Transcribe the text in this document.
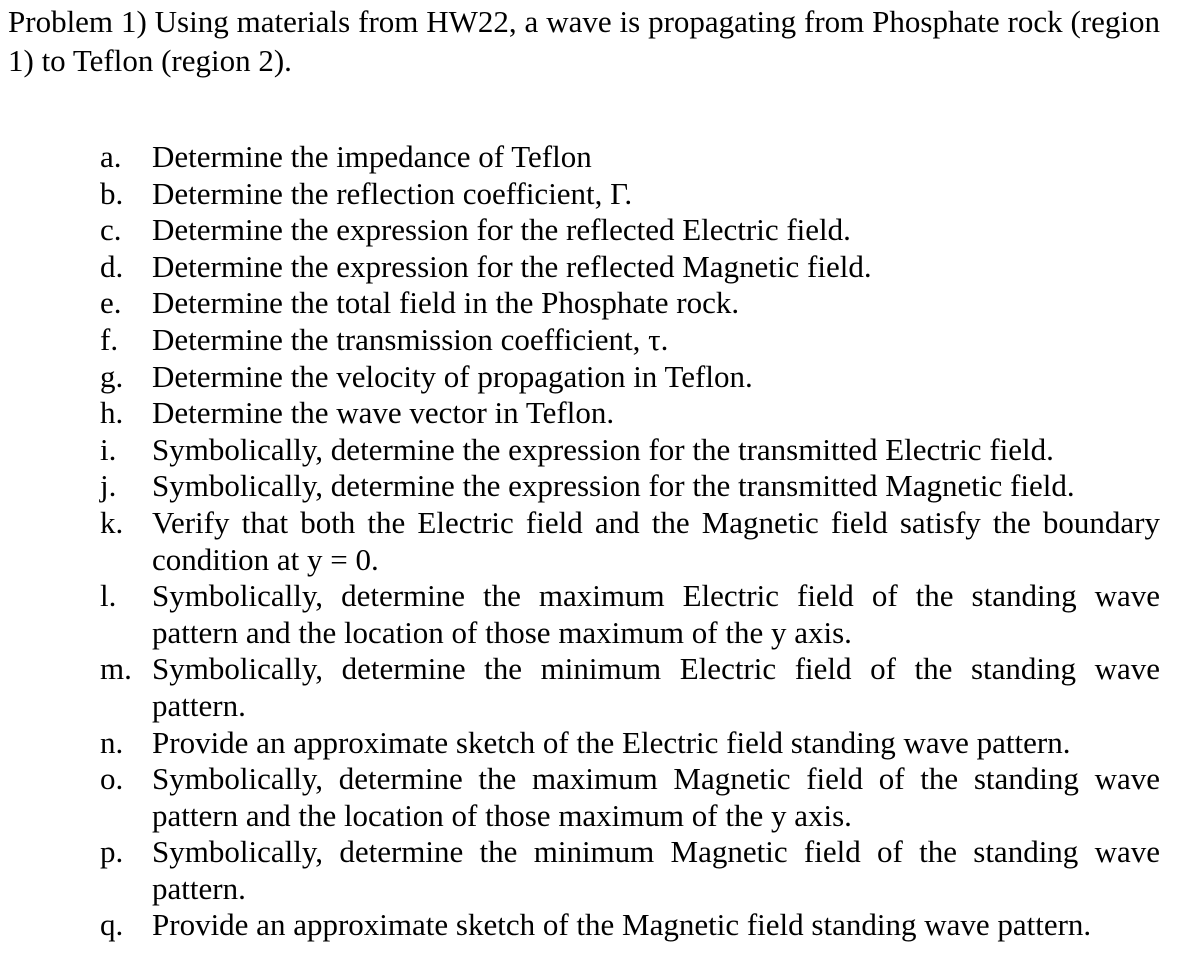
Problem 1) Using materials from HW22, a wave is propagating from Phosphate rock (region 1) to Teflon (region 2).

a. Determine the impedance of Teflon
b. Determine the reflection coefficient, Γ.
c. Determine the expression for the reflected Electric field.
d. Determine the expression for the reflected Magnetic field.
e. Determine the total field in the Phosphate rock.
f.	Determine the transmission coefficient, τ.
g. Determine the velocity of propagation in Teflon.
h. Determine the wave vector in Teflon.
i.	Symbolically, determine the expression for the transmitted Electric field.
j.	Symbolically, determine the expression for the transmitted Magnetic field.
k. Verify that both the Electric field and the Magnetic field satisfy the boundary condition at y = 0.
l.	Symbolically, determine the maximum Electric field of the standing wave pattern and the location of those maximum of the y axis.
m. Symbolically, determine the minimum Electric field of the standing wave pattern.
n. Provide an approximate sketch of the Electric field standing wave pattern.
o. Symbolically, determine the maximum Magnetic field of the standing wave pattern and the location of those maximum of the y axis.
p. Symbolically, determine the minimum Magnetic field of the standing wave pattern.
q. Provide an approximate sketch of the Magnetic field standing wave pattern.
